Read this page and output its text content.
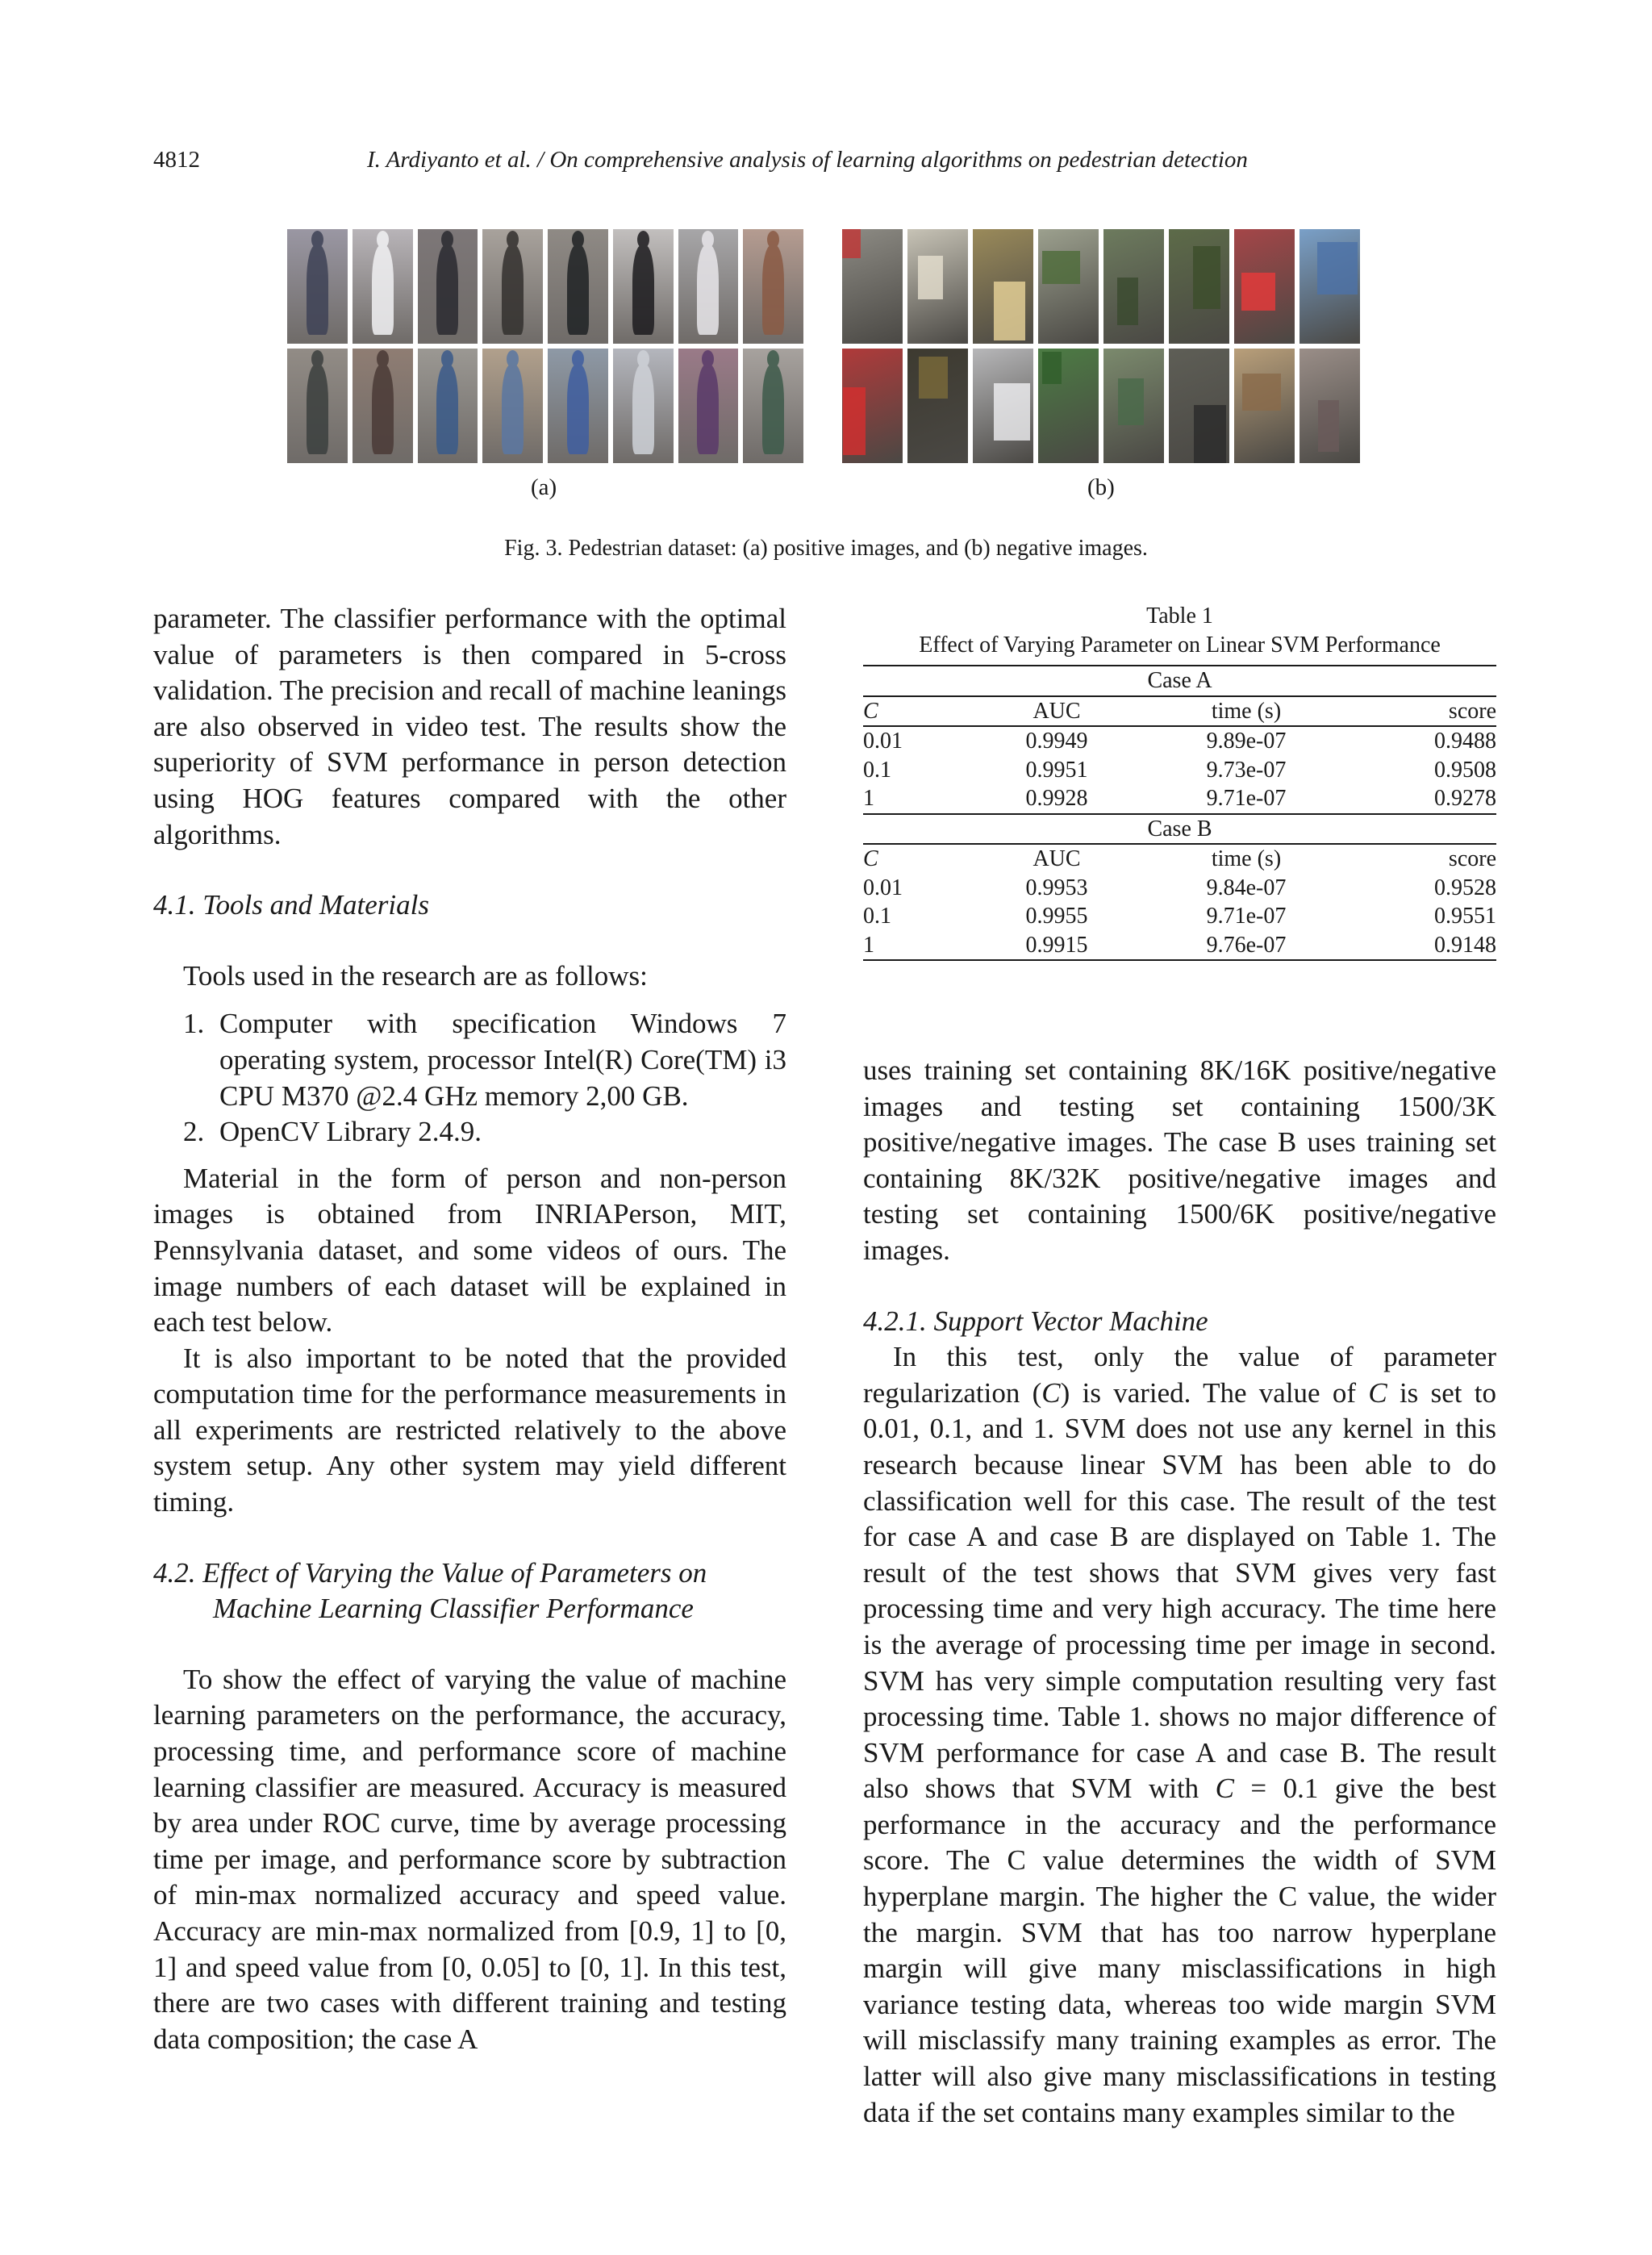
4812	I. Ardiyanto et al. / On comprehensive analysis of learning algorithms on pedestrian detection
(a)	(b)
Fig. 3. Pedestrian dataset: (a) positive images, and (b) negative images.

parameter. The classifier performance with the optimal value of parameters is then compared in 5-cross validation. The precision and recall of machine leanings are also observed in video test. The results show the superiority of SVM performance in person detection using HOG features compared with the other algorithms.

4.1. Tools and Materials

Tools used in the research are as follows:

1. Computer with specification Windows 7 operating system, processor Intel(R) Core(TM) i3 CPU M370 @2.4 GHz memory 2,00 GB.
2. OpenCV Library 2.4.9.

Material in the form of person and non-person images is obtained from INRIAPerson, MIT, Pennsylvania dataset, and some videos of ours. The image numbers of each dataset will be explained in each test below.

It is also important to be noted that the provided computation time for the performance measurements in all experiments are restricted relatively to the above system setup. Any other system may yield different timing.

4.2. Effect of Varying the Value of Parameters on

Machine Learning Classifier Performance

To show the effect of varying the value of machine learning parameters on the performance, the accuracy, processing time, and performance score of machine learning classifier are measured. Accuracy is measured by area under ROC curve, time by average processing time per image, and performance score by subtraction of min-max normalized accuracy and speed value. Accuracy are min-max normalized from [0.9, 1] to [0, 1] and speed value from [0, 0.05] to [0, 1]. In this test, there are two cases with different training and testing data composition; the case A

Table 1
Effect of Varying Parameter on Linear SVM Performance
Case A			
C	AUC	time (s)	score
0.01	0.9949	9.89e-07	0.9488
0.1	0.9951	9.73e-07	0.9508
1	0.9928	9.71e-07	0.9278
Case B			
C	AUC	time (s)	score
0.01	0.9953	9.84e-07	0.9528
0.1	0.9955	9.71e-07	0.9551
1	0.9915	9.76e-07	0.9148

uses training set containing 8K/16K positive/negative images and testing set containing 1500/3K positive/negative images. The case B uses training set containing 8K/32K positive/negative images and testing set containing 1500/6K positive/negative images.

4.2.1. Support Vector Machine

In this test, only the value of parameter regularization (C) is varied. The value of C is set to 0.01, 0.1, and 1. SVM does not use any kernel in this research because linear SVM has been able to do classification well for this case. The result of the test for case A and case B are displayed on Table 1. The result of the test shows that SVM gives very fast processing time and very high accuracy. The time here is the average of processing time per image in second. SVM has very simple computation resulting very fast processing time. Table 1. shows no major difference of SVM performance for case A and case B. The result also shows that SVM with C = 0.1 give the best performance in the accuracy and the performance score. The C value determines the width of SVM hyperplane margin. The higher the C value, the wider the margin. SVM that has too narrow hyperplane margin will give many misclassifications in high variance testing data, whereas too wide margin SVM will misclassify many training examples as error. The latter will also give many misclassifications in testing data if the set contains many examples similar to the
